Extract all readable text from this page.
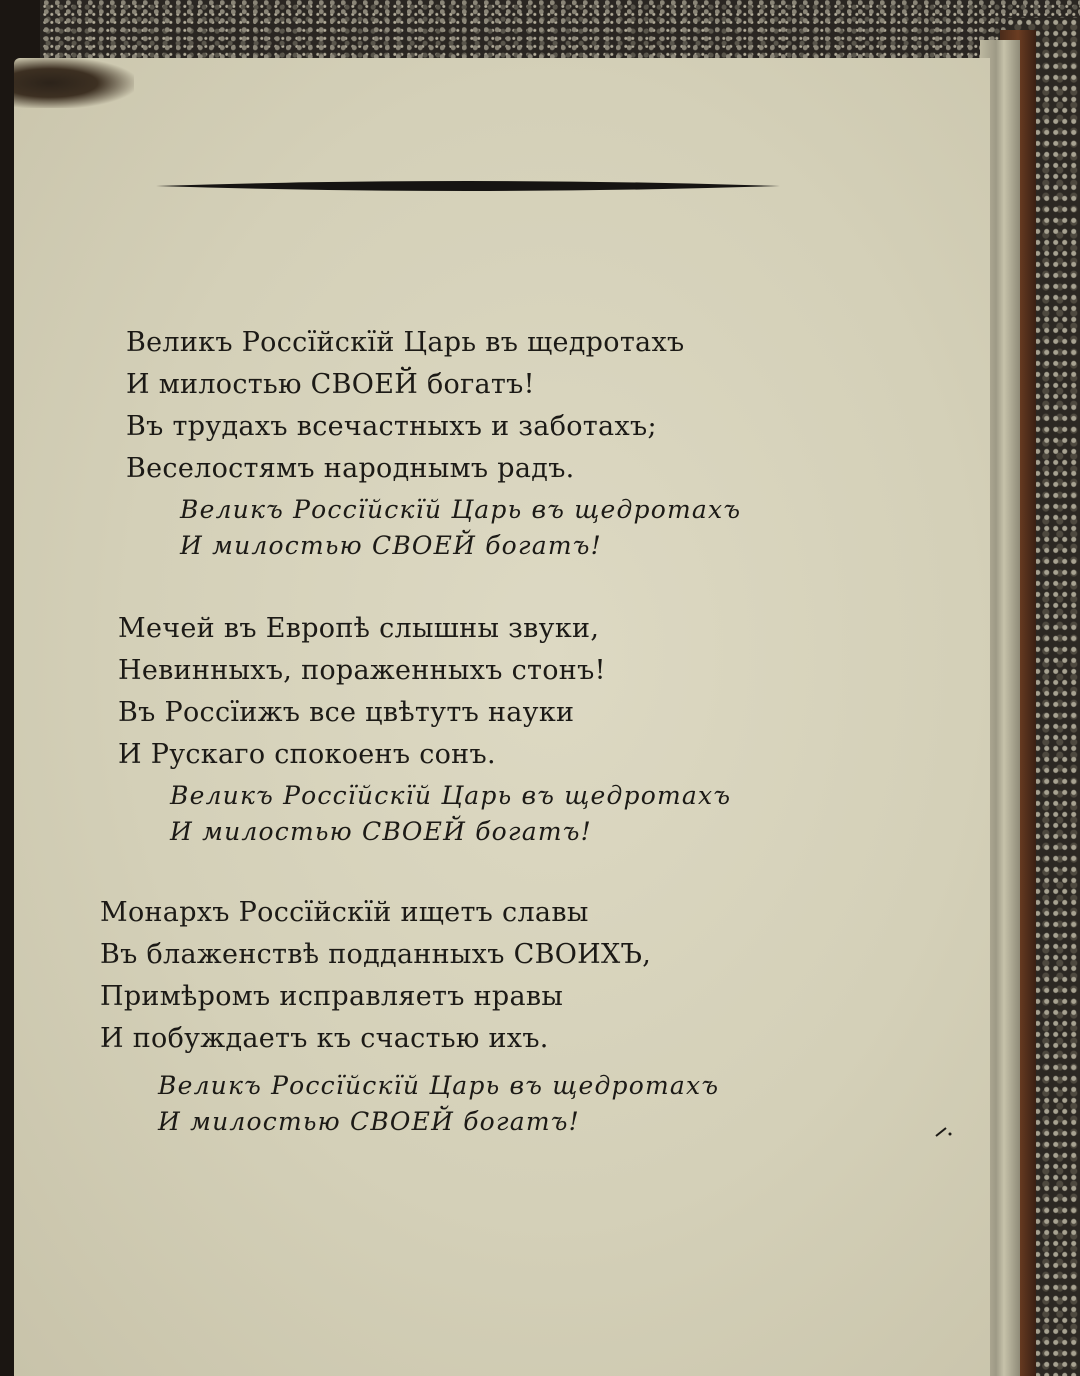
Великъ Россїйскїй Царь въ щедротахъ
И милостью СВОЕЙ богатъ!
Въ трудахъ всечастныхъ и заботахъ;
Веселостямъ народнымъ радъ.
Великъ Россїйскїй Царь въ щедротахъ
И милостью СВОЕЙ богатъ!
Мечей въ Европѣ слышны звуки,
Невинныхъ, пораженныхъ стонъ!
Въ Россїижъ все цвѣтутъ науки
И Рускаго спокоенъ сонъ.
Великъ Россїйскїй Царь въ щедротахъ
И милостью СВОЕЙ богатъ!
Монархъ Россїйскїй ищетъ славы
Въ блаженствѣ подданныхъ СВОИХЪ,
Примѣромъ исправляетъ нравы
И побуждаетъ къ счастью ихъ.
Великъ Россїйскїй Царь въ щедротахъ
И милостью СВОЕЙ богатъ!
